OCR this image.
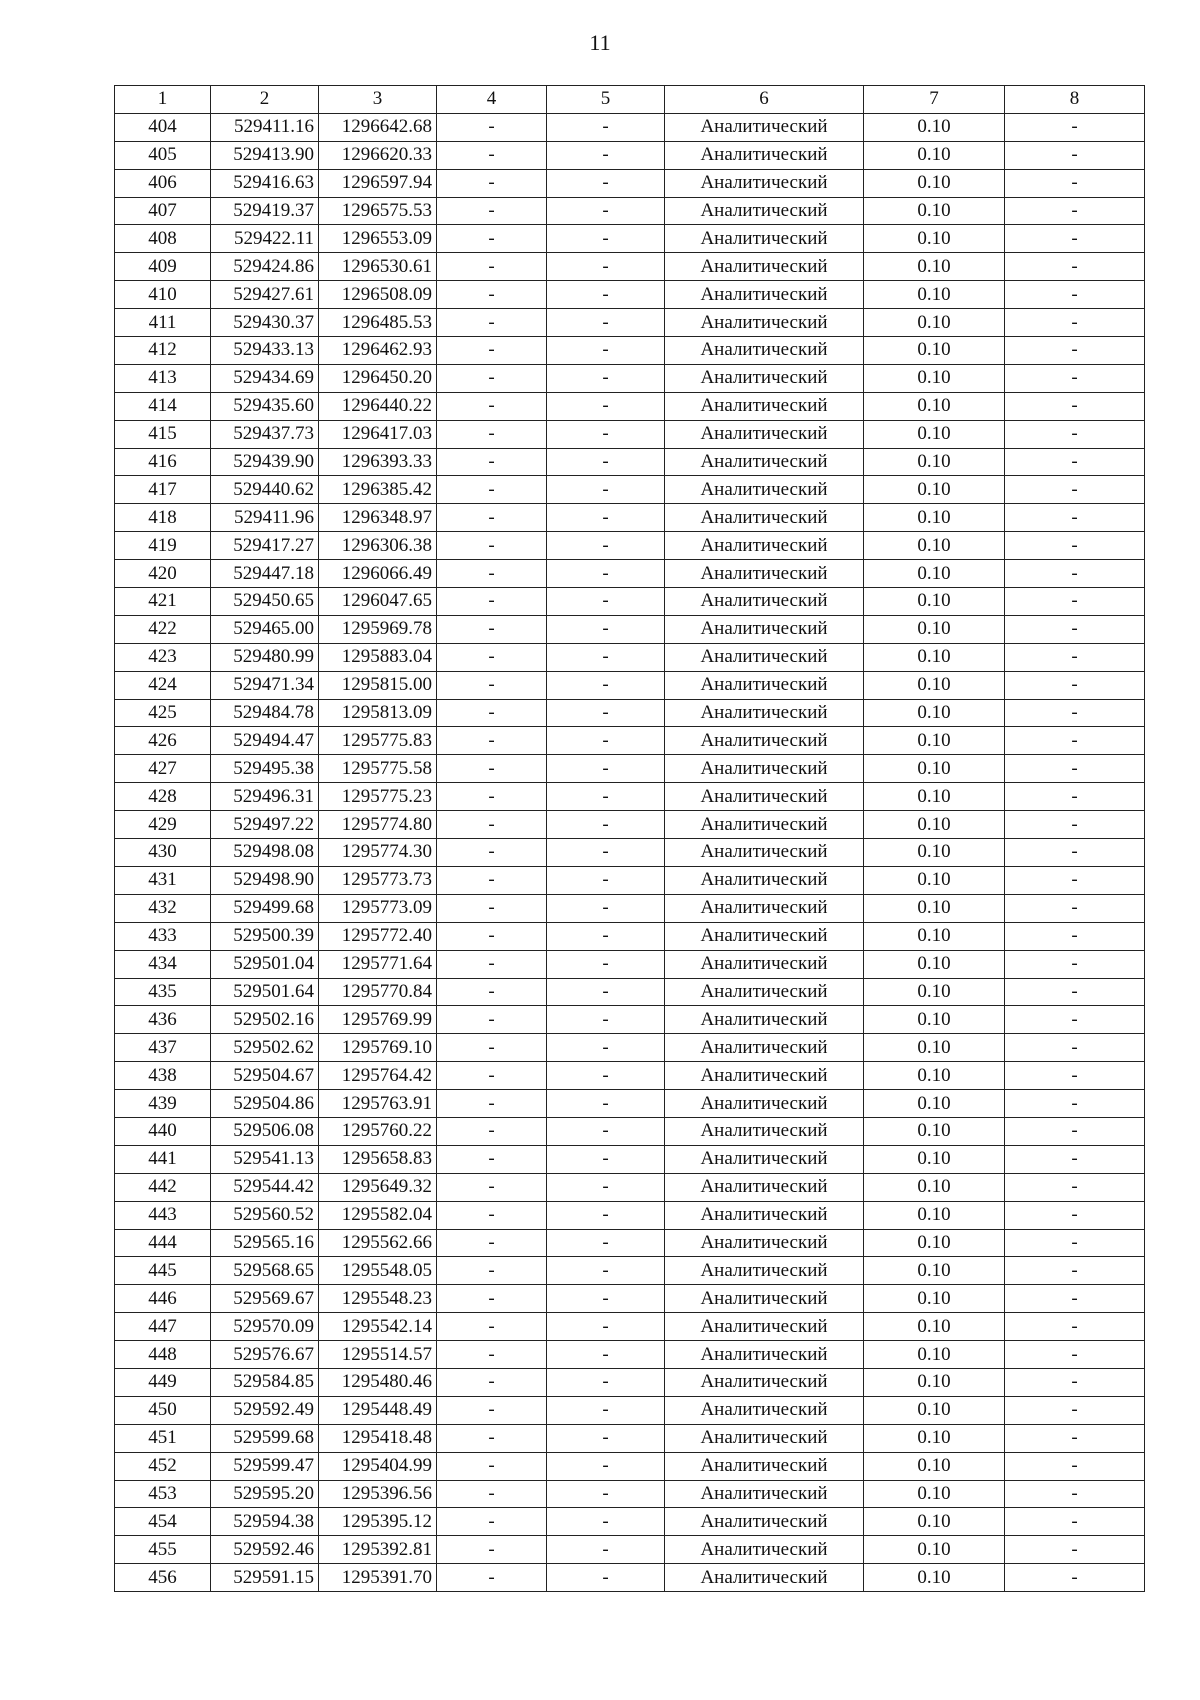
11
1	2	3	4	5	6	7	8
404	529411.16	1296642.68	-	-	Аналитический	0.10	-
405	529413.90	1296620.33	-	-	Аналитический	0.10	-
406	529416.63	1296597.94	-	-	Аналитический	0.10	-
407	529419.37	1296575.53	-	-	Аналитический	0.10	-
408	529422.11	1296553.09	-	-	Аналитический	0.10	-
409	529424.86	1296530.61	-	-	Аналитический	0.10	-
410	529427.61	1296508.09	-	-	Аналитический	0.10	-
411	529430.37	1296485.53	-	-	Аналитический	0.10	-
412	529433.13	1296462.93	-	-	Аналитический	0.10	-
413	529434.69	1296450.20	-	-	Аналитический	0.10	-
414	529435.60	1296440.22	-	-	Аналитический	0.10	-
415	529437.73	1296417.03	-	-	Аналитический	0.10	-
416	529439.90	1296393.33	-	-	Аналитический	0.10	-
417	529440.62	1296385.42	-	-	Аналитический	0.10	-
418	529411.96	1296348.97	-	-	Аналитический	0.10	-
419	529417.27	1296306.38	-	-	Аналитический	0.10	-
420	529447.18	1296066.49	-	-	Аналитический	0.10	-
421	529450.65	1296047.65	-	-	Аналитический	0.10	-
422	529465.00	1295969.78	-	-	Аналитический	0.10	-
423	529480.99	1295883.04	-	-	Аналитический	0.10	-
424	529471.34	1295815.00	-	-	Аналитический	0.10	-
425	529484.78	1295813.09	-	-	Аналитический	0.10	-
426	529494.47	1295775.83	-	-	Аналитический	0.10	-
427	529495.38	1295775.58	-	-	Аналитический	0.10	-
428	529496.31	1295775.23	-	-	Аналитический	0.10	-
429	529497.22	1295774.80	-	-	Аналитический	0.10	-
430	529498.08	1295774.30	-	-	Аналитический	0.10	-
431	529498.90	1295773.73	-	-	Аналитический	0.10	-
432	529499.68	1295773.09	-	-	Аналитический	0.10	-
433	529500.39	1295772.40	-	-	Аналитический	0.10	-
434	529501.04	1295771.64	-	-	Аналитический	0.10	-
435	529501.64	1295770.84	-	-	Аналитический	0.10	-
436	529502.16	1295769.99	-	-	Аналитический	0.10	-
437	529502.62	1295769.10	-	-	Аналитический	0.10	-
438	529504.67	1295764.42	-	-	Аналитический	0.10	-
439	529504.86	1295763.91	-	-	Аналитический	0.10	-
440	529506.08	1295760.22	-	-	Аналитический	0.10	-
441	529541.13	1295658.83	-	-	Аналитический	0.10	-
442	529544.42	1295649.32	-	-	Аналитический	0.10	-
443	529560.52	1295582.04	-	-	Аналитический	0.10	-
444	529565.16	1295562.66	-	-	Аналитический	0.10	-
445	529568.65	1295548.05	-	-	Аналитический	0.10	-
446	529569.67	1295548.23	-	-	Аналитический	0.10	-
447	529570.09	1295542.14	-	-	Аналитический	0.10	-
448	529576.67	1295514.57	-	-	Аналитический	0.10	-
449	529584.85	1295480.46	-	-	Аналитический	0.10	-
450	529592.49	1295448.49	-	-	Аналитический	0.10	-
451	529599.68	1295418.48	-	-	Аналитический	0.10	-
452	529599.47	1295404.99	-	-	Аналитический	0.10	-
453	529595.20	1295396.56	-	-	Аналитический	0.10	-
454	529594.38	1295395.12	-	-	Аналитический	0.10	-
455	529592.46	1295392.81	-	-	Аналитический	0.10	-
456	529591.15	1295391.70	-	-	Аналитический	0.10	-
